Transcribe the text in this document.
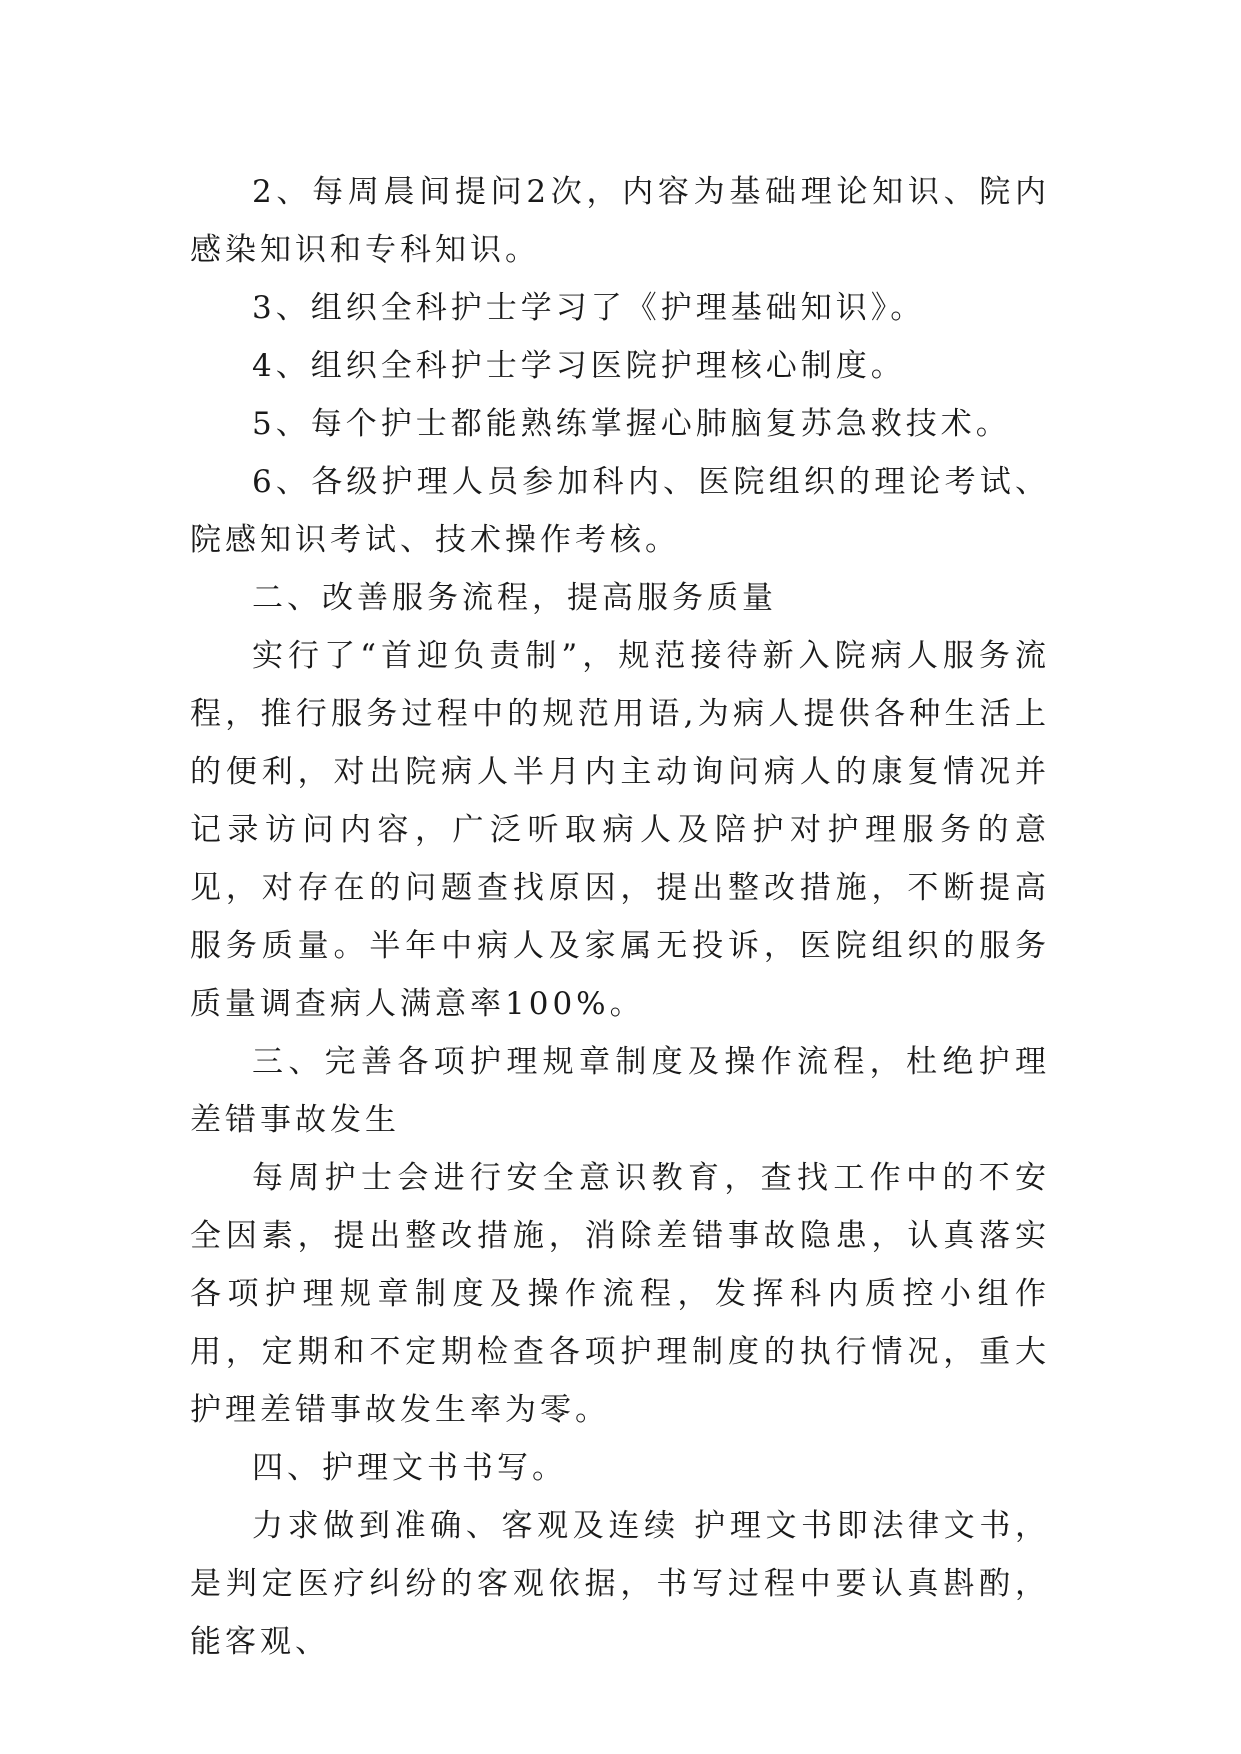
2、每周晨间提问2次，内容为基础理论知识、院内感染知识和专科知识。

3、组织全科护士学习了《护理基础知识》。

4、组织全科护士学习医院护理核心制度。

5、每个护士都能熟练掌握心肺脑复苏急救技术。

6、各级护理人员参加科内、医院组织的理论考试、院感知识考试、技术操作考核。

二、改善服务流程，提高服务质量

实行了“首迎负责制”，规范接待新入院病人服务流程，推行服务过程中的规范用语,为病人提供各种生活上的便利，对出院病人半月内主动询问病人的康复情况并记录访问内容，广泛听取病人及陪护对护理服务的意见，对存在的问题查找原因，提出整改措施，不断提高服务质量。半年中病人及家属无投诉，医院组织的服务质量调查病人满意率100%。

三、完善各项护理规章制度及操作流程，杜绝护理差错事故发生

每周护士会进行安全意识教育，查找工作中的不安全因素，提出整改措施，消除差错事故隐患，认真落实各项护理规章制度及操作流程，发挥科内质控小组作用，定期和不定期检查各项护理制度的执行情况，重大护理差错事故发生率为零。

四、护理文书书写。

力求做到准确、客观及连续 护理文书即法律文书，是判定医疗纠纷的客观依据，书写过程中要认真斟酌，能客观、
